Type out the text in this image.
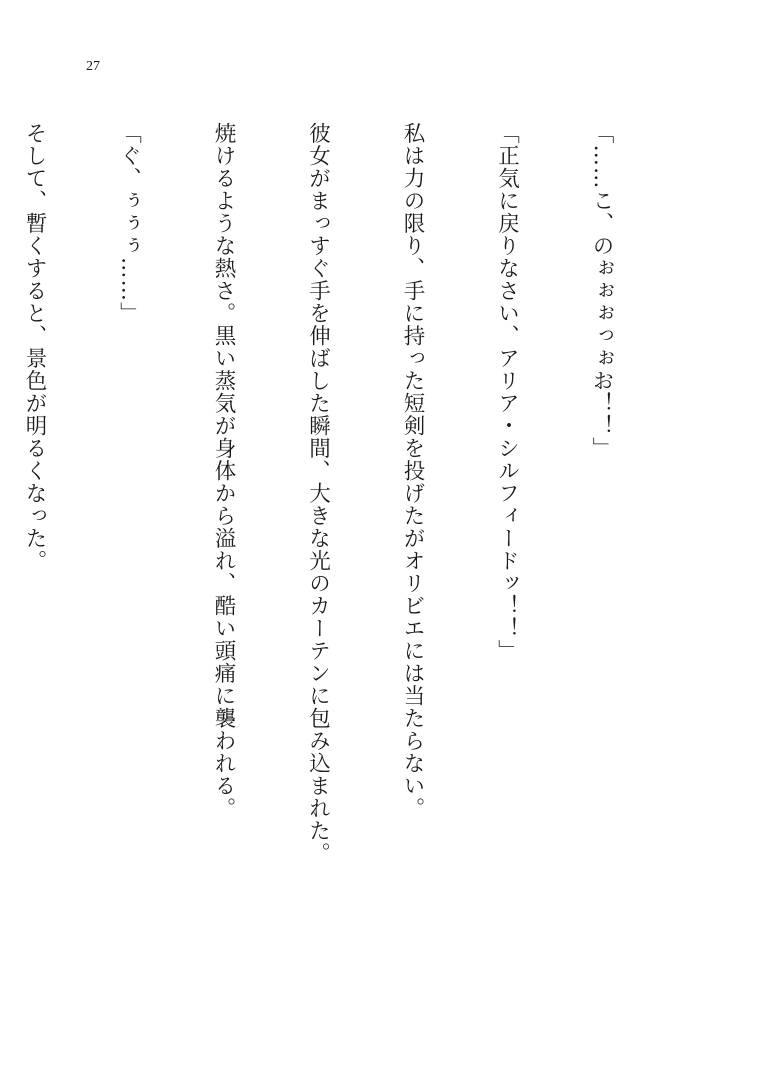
27

「……こ、のぉぉぉっぉお！！」

「正気に戻りなさい、アリア・シルフィードッ！！」

私は力の限り、手に持った短剣を投げたがオリビエには当たらない。

彼女がまっすぐ手を伸ばした瞬間、大きな光のカーテンに包み込まれた。

焼けるような熱さ。黒い蒸気が身体から溢れ、酷い頭痛に襲われる。

「ぐ、ぅぅぅ……」

そして、暫くすると、景色が明るくなった。
